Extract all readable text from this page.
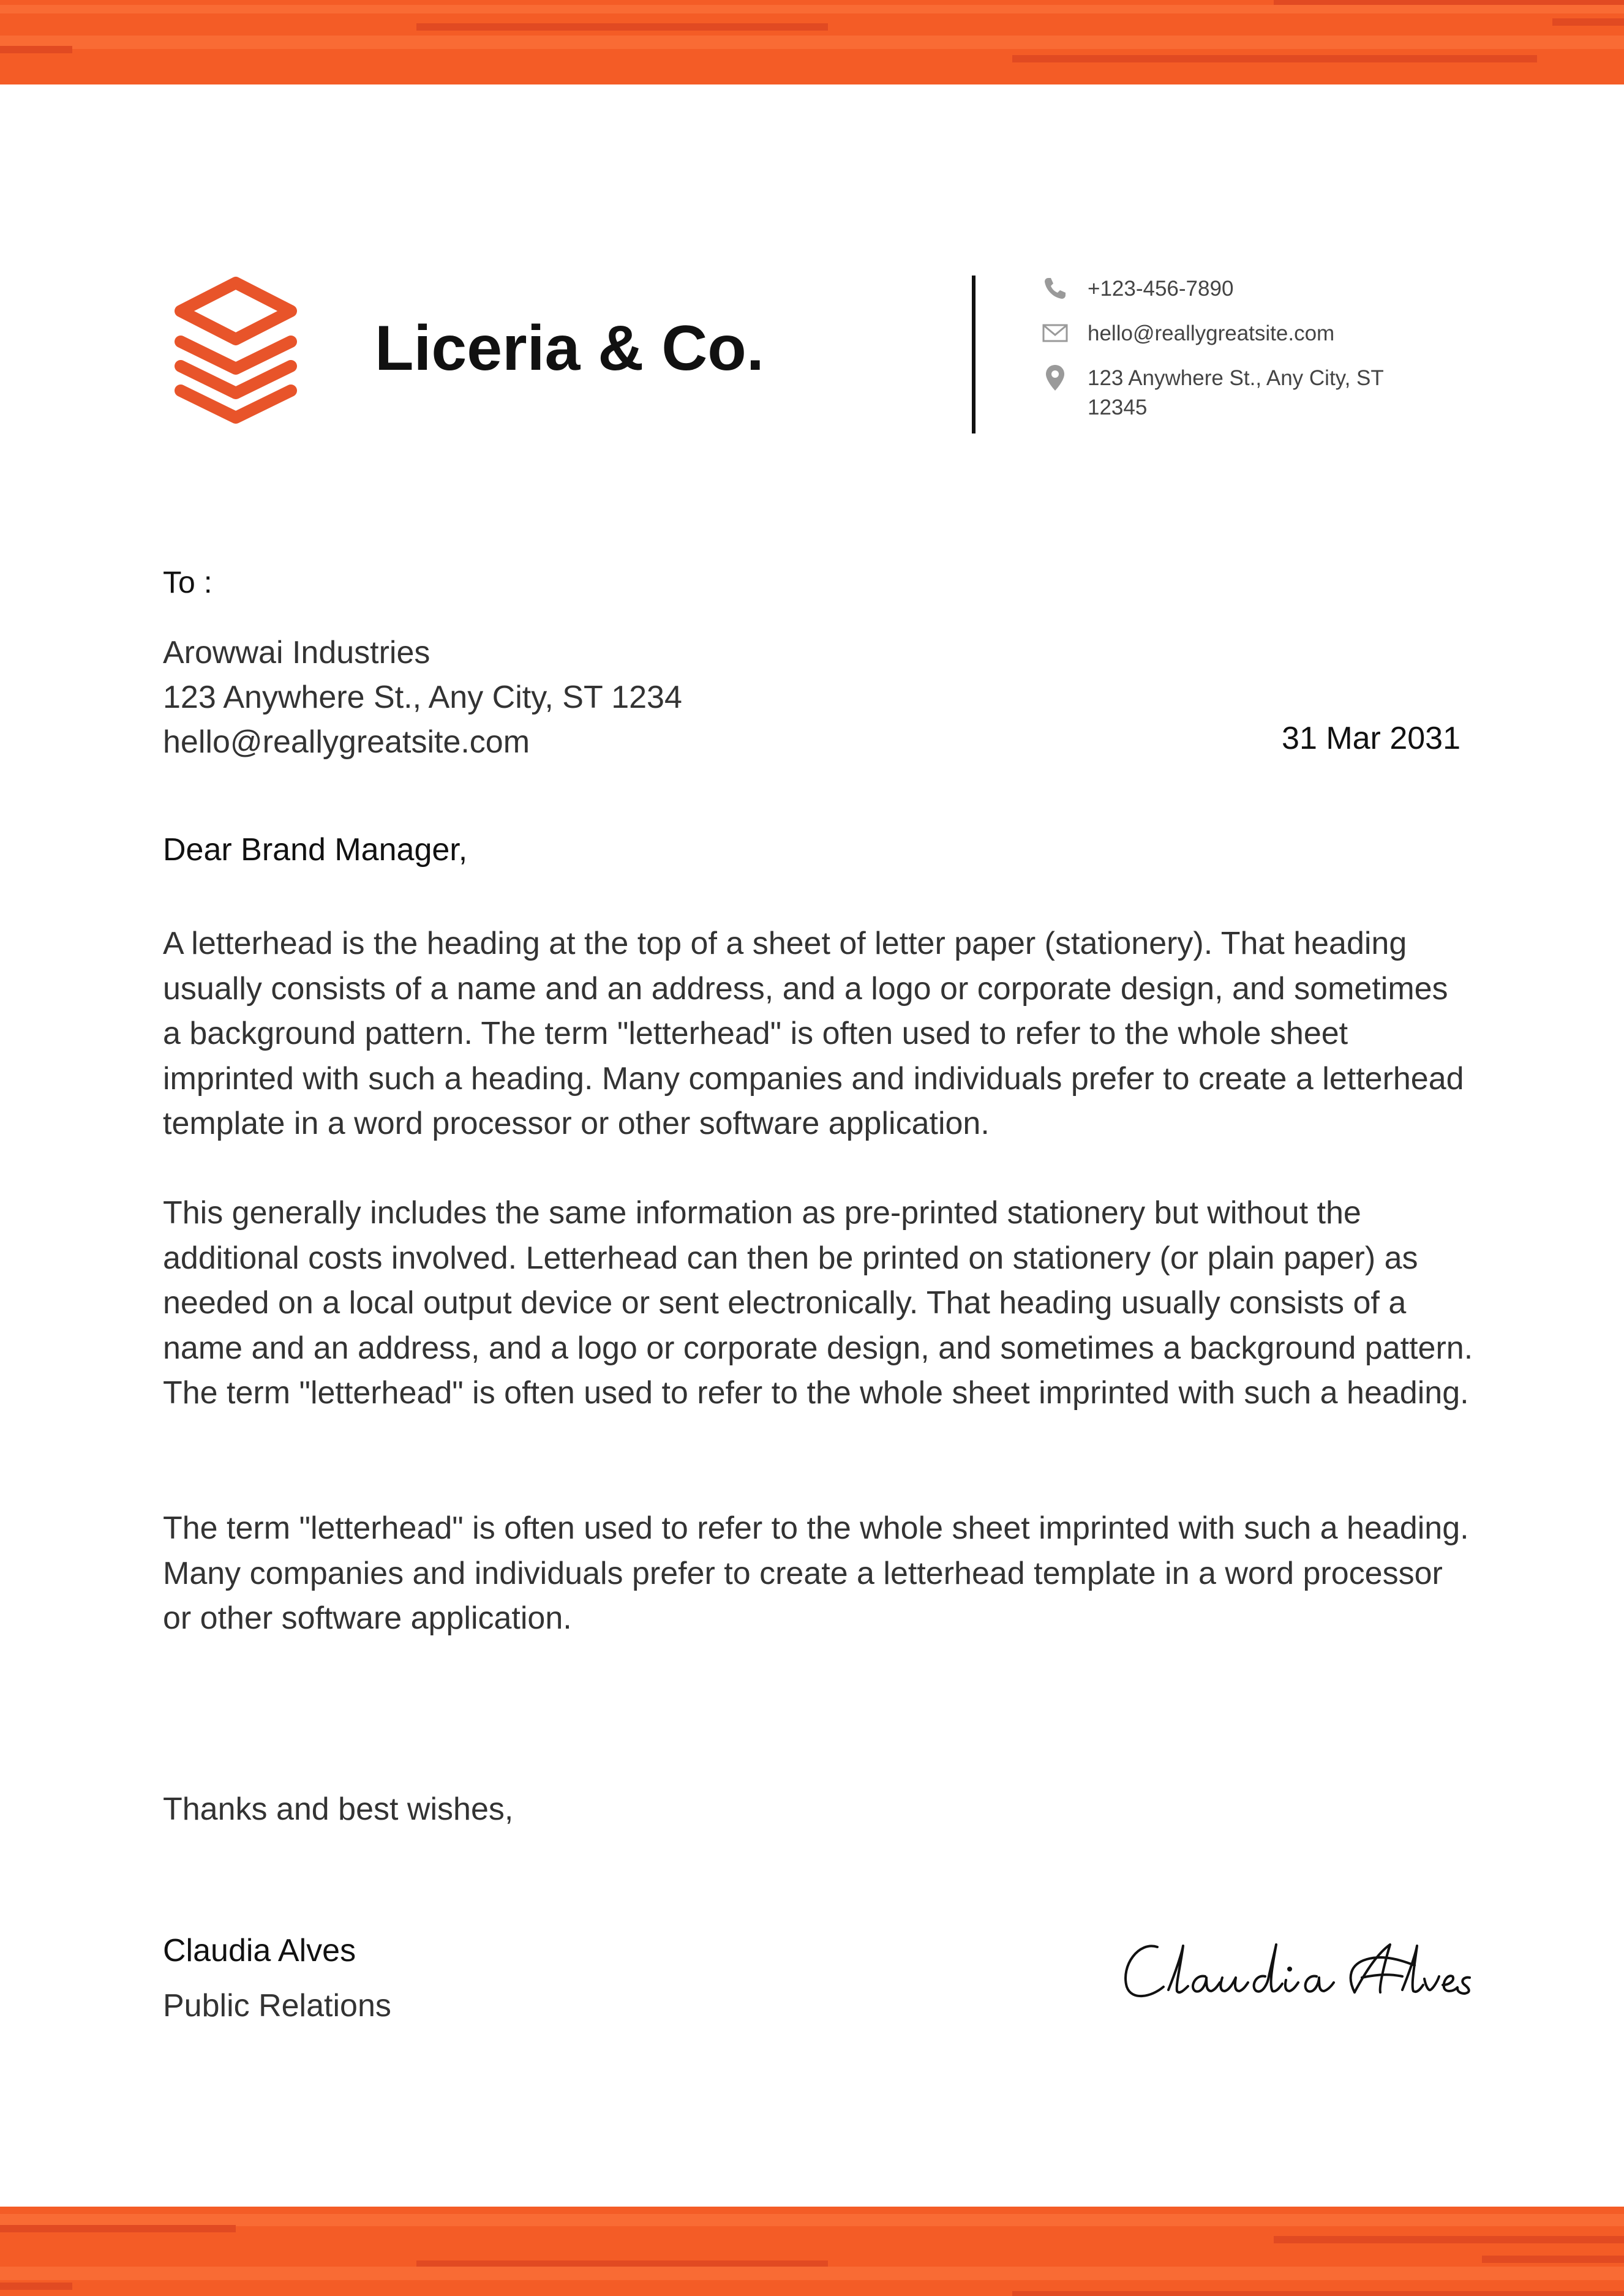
Liceria & Co.
+123-456-7890
hello@reallygreatsite.com
123 Anywhere St., Any City, ST
12345
To :
Arowwai Industries
123 Anywhere St., Any City, ST 1234
hello@reallygreatsite.com	31 Mar 2031
Dear Brand Manager,
A letterhead is the heading at the top of a sheet of letter paper (stationery). That heading usually consists of a name and an address, and a logo or corporate design, and sometimes a background pattern. The term "letterhead" is often used to refer to the whole sheet imprinted with such a heading. Many companies and individuals prefer to create a letterhead template in a word processor or other software application.
This generally includes the same information as pre-printed stationery but without the additional costs involved. Letterhead can then be printed on stationery (or plain paper) as needed on a local output device or sent electronically. That heading usually consists of a name and an address, and a logo or corporate design, and sometimes a background pattern. The term "letterhead" is often used to refer to the whole sheet imprinted with such a heading.
The term "letterhead" is often used to refer to the whole sheet imprinted with such a heading. Many companies and individuals prefer to create a letterhead template in a word processor or other software application.
Thanks and best wishes,
Claudia Alves
Public Relations
